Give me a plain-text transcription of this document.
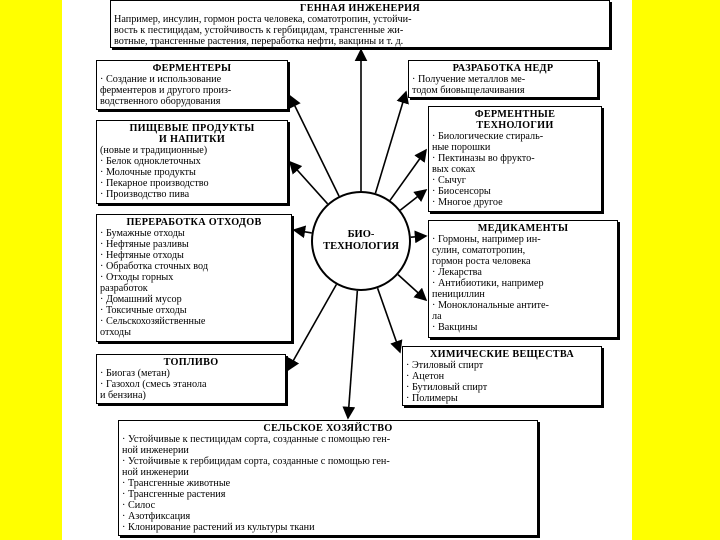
ГЕННАЯ ИНЖЕНЕРИЯ
Например, инсулин, гормон роста человека, соматотропин, устойчи-
вость к пестицидам, устойчивость к гербицидам, трансгенные жи-
вотные, трансгенные растения, переработка нефти, вакцины и т. д.
ФЕРМЕНТЕРЫ
· Создание и использование
ферментеров и другого произ-
водственного оборудования
РАЗРАБОТКА НЕДР
· Получение металлов ме-
тодом биовыщелачивания
ПИЩЕВЫЕ ПРОДУКТЫ
И НАПИТКИ
(новые и традиционные)
· Белок одноклеточных
· Молочные продукты
· Пекарное производство
· Производство пива
ФЕРМЕНТНЫЕ
ТЕХНОЛОГИИ
· Биологические стираль-
ные порошки
· Пектиназы во фрукто-
вых соках
· Сычуг
· Биосенсоры
· Многое другое
ПЕРЕРАБОТКА ОТХОДОВ
· Бумажные отходы
· Нефтяные разливы
· Нефтяные отходы
· Обработка сточных вод
· Отходы горных
разработок
· Домашний мусор
· Токсичные отходы
· Сельскохозяйственные
отходы
МЕДИКАМЕНТЫ
· Гормоны, например ин-
сулин, соматотропин,
гормон роста человека
· Лекарства
· Антибиотики, например
пенициллин
· Моноклональные антите-
ла
· Вакцины
ТОПЛИВО
· Биогаз (метан)
· Газохол (смесь этанола
и бензина)
ХИМИЧЕСКИЕ ВЕЩЕСТВА
· Этиловый спирт
· Ацетон
· Бутиловый спирт
· Полимеры
СЕЛЬСКОЕ ХОЗЯЙСТВО
· Устойчивые к пестицидам сорта, созданные с помощью ген-
ной инженерии
· Устойчивые к гербицидам сорта, созданные с помощью ген-
ной инженерии
· Трансгенные животные
· Трансгенные растения
· Силос
· Азотфиксация
· Клонирование растений из культуры ткани
БИО-
ТЕХНОЛОГИЯ
